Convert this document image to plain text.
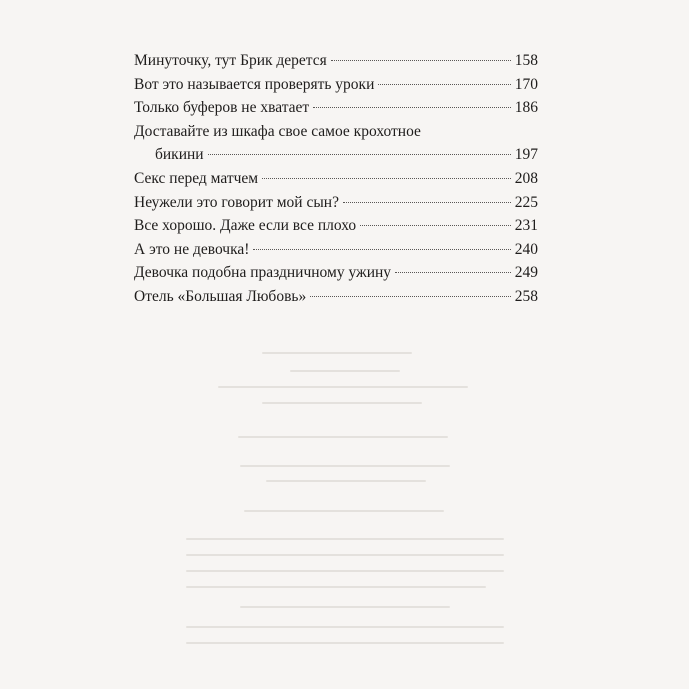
Минуточку, тут Брик дерется	158
Вот это называется проверять уроки	170
Только буферов не хватает	186
Доставайте из шкафа свое самое крохотное
бикини	197
Секс перед матчем	208
Неужели это говорит мой сын?	225
Все хорошо. Даже если все плохо	231
А это не девочка!	240
Девочка подобна праздничному ужину	249
Отель «Большая Любовь»	258
